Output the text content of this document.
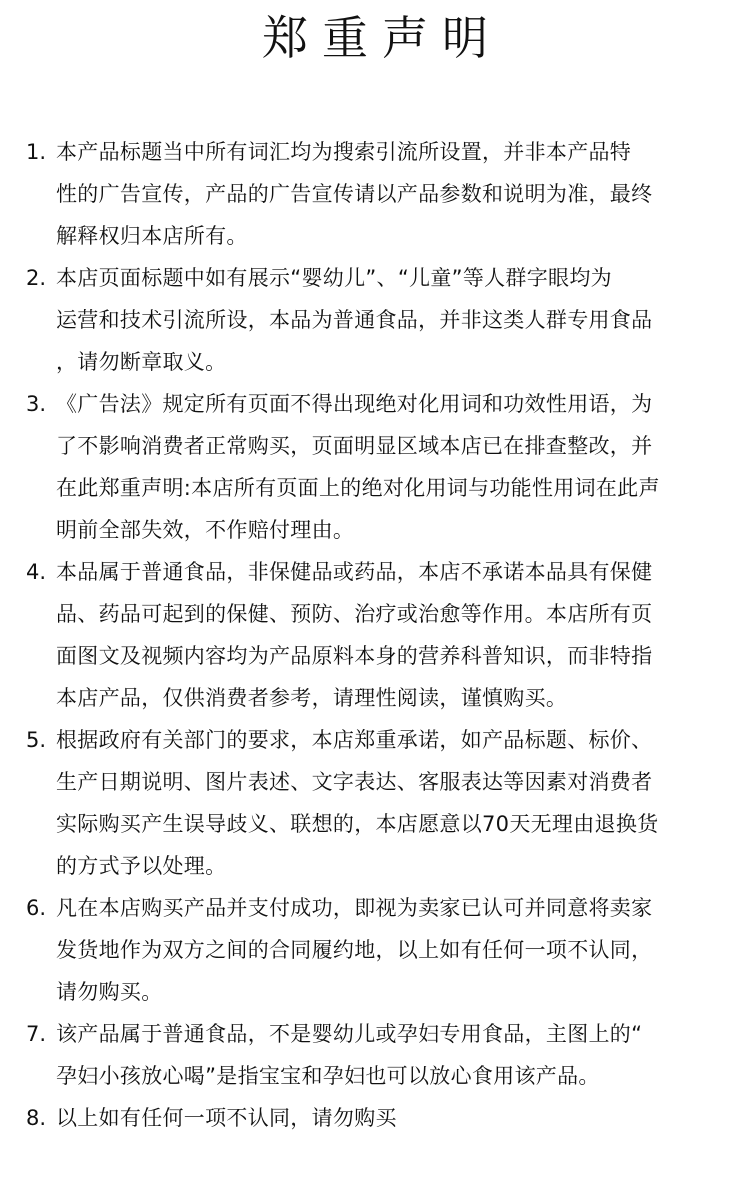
郑重声明
1. 本产品标题当中所有词汇均为搜索引流所设置，并非本产品特
性的广告宣传，产品的广告宣传请以产品参数和说明为准，最终
解释权归本店所有。
2. 本店页面标题中如有展示“婴幼儿”、“儿童”等人群字眼均为
运营和技术引流所设，本品为普通食品，并非这类人群专用食品
，请勿断章取义。
3. 《广告法》规定所有页面不得出现绝对化用词和功效性用语，为
了不影响消费者正常购买，页面明显区域本店已在排查整改，并
在此郑重声明:本店所有页面上的绝对化用词与功能性用词在此声
明前全部失效，不作赔付理由。
4. 本品属于普通食品，非保健品或药品，本店不承诺本品具有保健
品、药品可起到的保健、预防、治疗或治愈等作用。本店所有页
面图文及视频内容均为产品原料本身的营养科普知识，而非特指
本店产品，仅供消费者参考，请理性阅读，谨慎购买。
5. 根据政府有关部门的要求，本店郑重承诺，如产品标题、标价、
生产日期说明、图片表述、文字表达、客服表达等因素对消费者
实际购买产生误导歧义、联想的，本店愿意以70天无理由退换货
的方式予以处理。
6. 凡在本店购买产品并支付成功，即视为卖家已认可并同意将卖家
发货地作为双方之间的合同履约地，以上如有任何一项不认同，
请勿购买。
7. 该产品属于普通食品，不是婴幼儿或孕妇专用食品，主图上的“
孕妇小孩放心喝”是指宝宝和孕妇也可以放心食用该产品。
8. 以上如有任何一项不认同，请勿购买
